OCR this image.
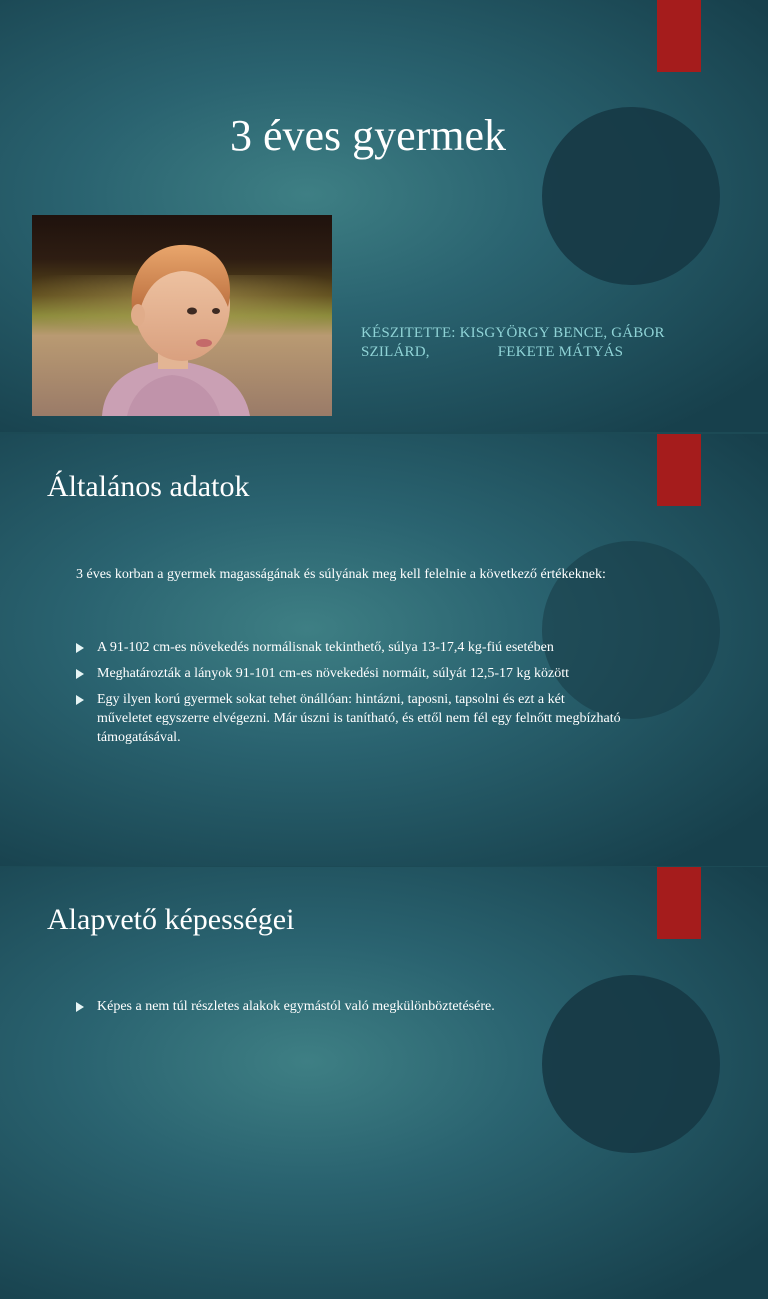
3 éves gyermek
KÉSZITETTE: KISGYÖRGY BENCE, GÁBOR
SZILÁRD,	FEKETE MÁTYÁS
Általános adatok
3 éves korban a gyermek magasságának és súlyának meg kell felelnie a következő értékeknek:
A 91-102 cm-es növekedés normálisnak tekinthető, súlya 13-17,4 kg-fiú esetében
Meghatározták a lányok 91-101 cm-es növekedési normáit, súlyát 12,5-17 kg között
Egy ilyen korú gyermek sokat tehet önállóan: hintázni, taposni, tapsolni és ezt a két műveletet egyszerre elvégezni. Már úszni is tanítható, és ettől nem fél egy felnőtt megbízható támogatásával.
Alapvető képességei
Képes a nem túl részletes alakok egymástól való megkülönböztetésére.
